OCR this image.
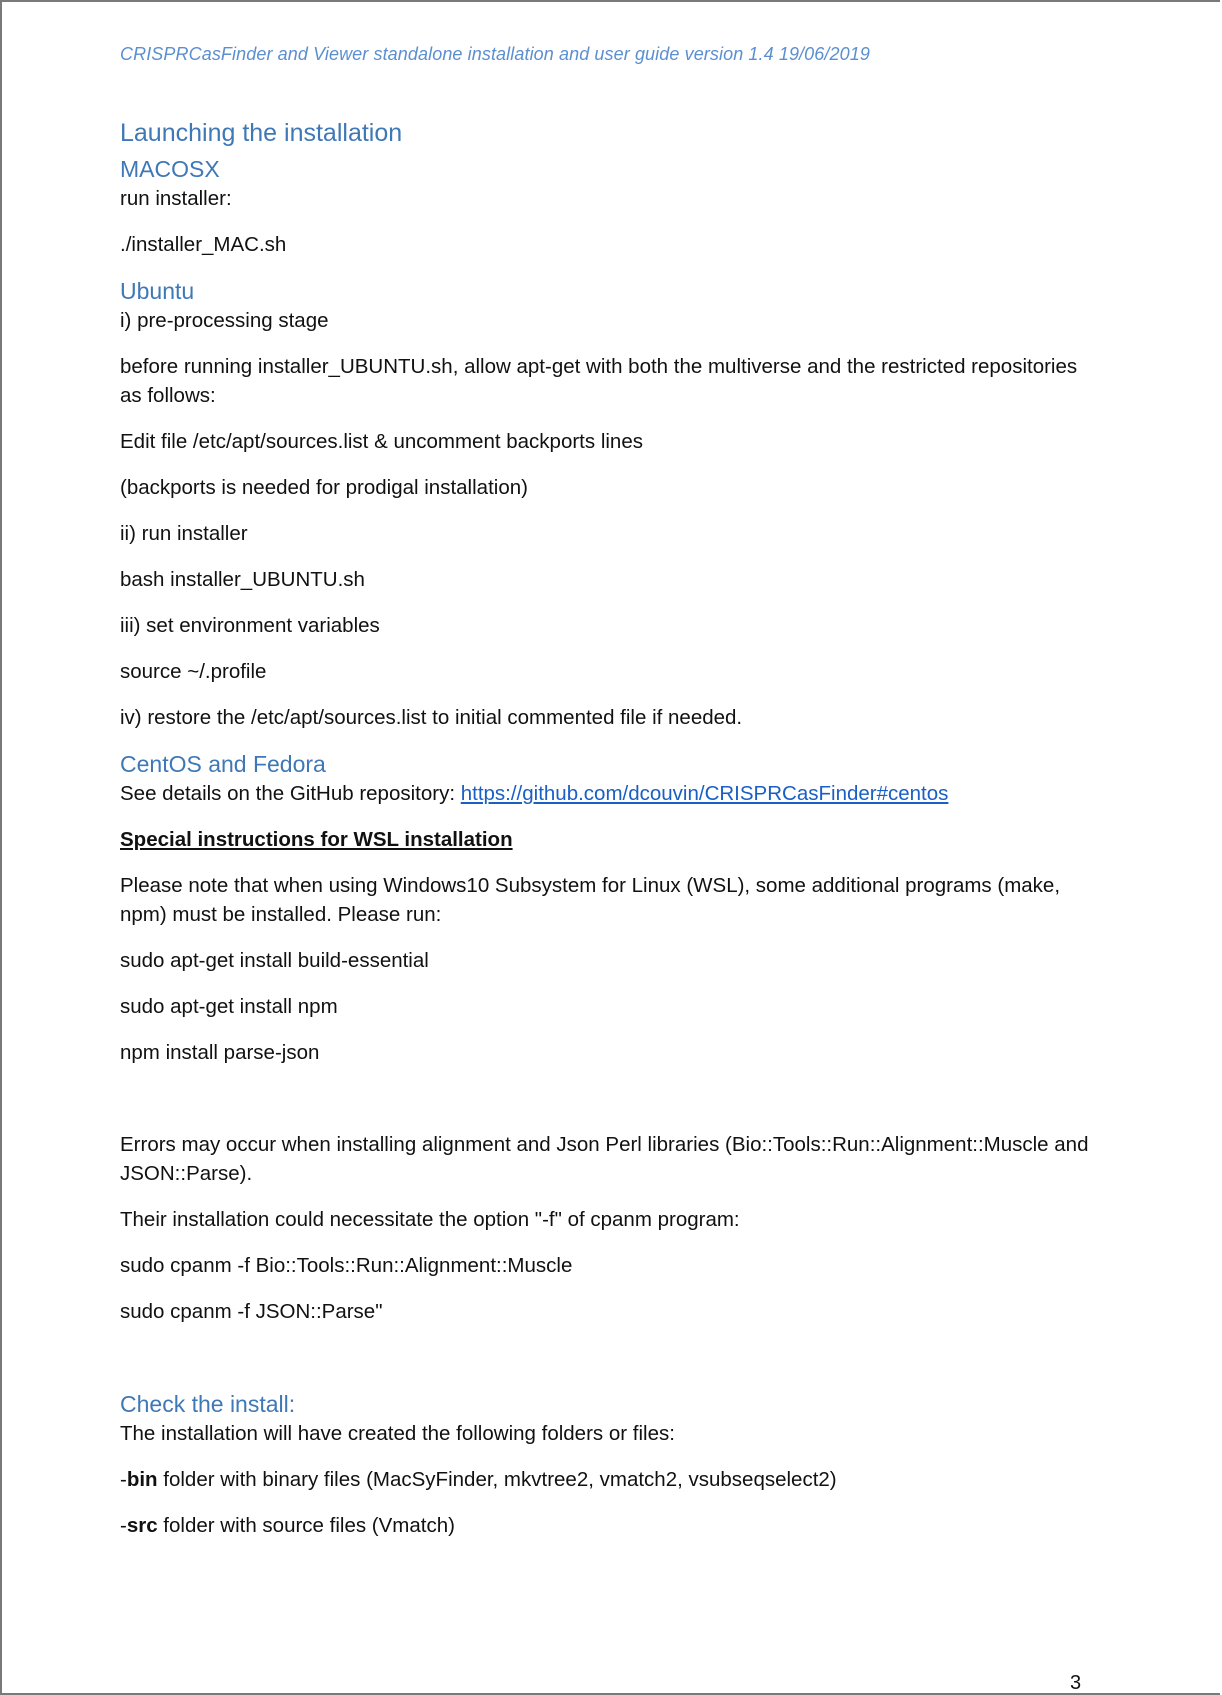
CRISPRCasFinder and Viewer standalone installation and user guide version 1.4 19/06/2019
Launching the installation
MACOSX

run installer:

./installer_MAC.sh

Ubuntu

i) pre-processing stage

before running installer_UBUNTU.sh, allow apt-get with both the multiverse and the restricted repositories as follows:

Edit file /etc/apt/sources.list & uncomment backports lines

(backports is needed for prodigal installation)

ii) run installer

bash installer_UBUNTU.sh

iii) set environment variables

source ~/.profile

iv) restore the /etc/apt/sources.list to initial commented file if needed.

CentOS and Fedora

See details on the GitHub repository: https://github.com/dcouvin/CRISPRCasFinder#centos

Special instructions for WSL installation

Please note that when using Windows10 Subsystem for Linux (WSL), some additional programs (make, npm) must be installed. Please run:

sudo apt-get install build-essential

sudo apt-get install npm

npm install parse-json

Errors may occur when installing alignment and Json Perl libraries (Bio::Tools::Run::Alignment::Muscle and JSON::Parse).

Their installation could necessitate the option "-f" of cpanm program:

sudo cpanm -f Bio::Tools::Run::Alignment::Muscle

sudo cpanm -f JSON::Parse"

Check the install:

The installation will have created the following folders or files:

-bin folder with binary files (MacSyFinder, mkvtree2, vmatch2, vsubseqselect2)

-src folder with source files (Vmatch)

3
